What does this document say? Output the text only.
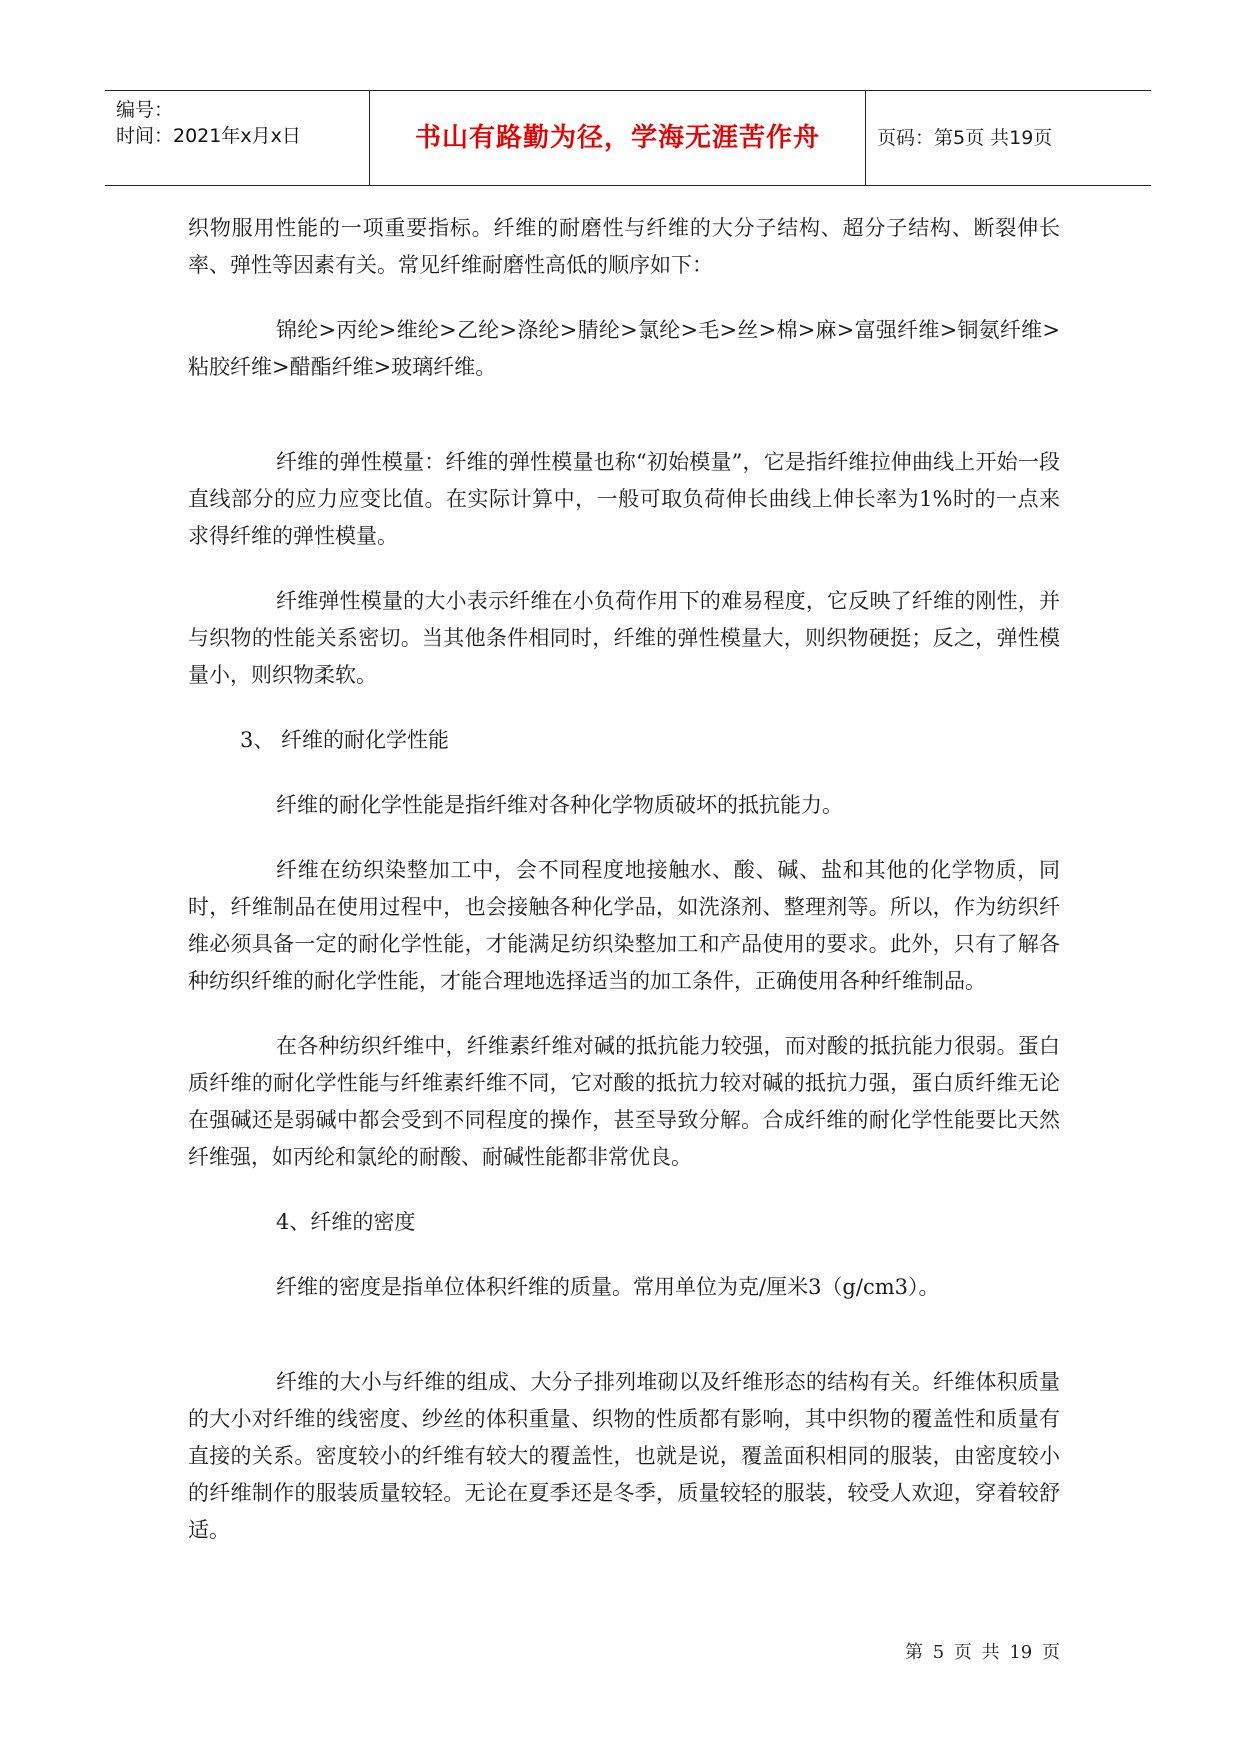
编号：
时间：2021年x月x日	书山有路勤为径，学海无涯苦作舟	页码：第5页 共19页

织物服用性能的一项重要指标。纤维的耐磨性与纤维的大分子结构、超分子结构、断裂伸长率、弹性等因素有关。常见纤维耐磨性高低的顺序如下：

锦纶>丙纶>维纶>乙纶>涤纶>腈纶>氯纶>毛>丝>棉>麻>富强纤维>铜氨纤维>粘胶纤维>醋酯纤维>玻璃纤维。

纤维的弹性模量：纤维的弹性模量也称“初始模量”，它是指纤维拉伸曲线上开始一段直线部分的应力应变比值。在实际计算中，一般可取负荷伸长曲线上伸长率为1%时的一点来求得纤维的弹性模量。

纤维弹性模量的大小表示纤维在小负荷作用下的难易程度，它反映了纤维的刚性，并与织物的性能关系密切。当其他条件相同时，纤维的弹性模量大，则织物硬挺；反之，弹性模量小，则织物柔软。

3、 纤维的耐化学性能

纤维的耐化学性能是指纤维对各种化学物质破坏的抵抗能力。

纤维在纺织染整加工中，会不同程度地接触水、酸、碱、盐和其他的化学物质，同时，纤维制品在使用过程中，也会接触各种化学品，如洗涤剂、整理剂等。所以，作为纺织纤维必须具备一定的耐化学性能，才能满足纺织染整加工和产品使用的要求。此外，只有了解各种纺织纤维的耐化学性能，才能合理地选择适当的加工条件，正确使用各种纤维制品。

在各种纺织纤维中，纤维素纤维对碱的抵抗能力较强，而对酸的抵抗能力很弱。蛋白质纤维的耐化学性能与纤维素纤维不同，它对酸的抵抗力较对碱的抵抗力强，蛋白质纤维无论在强碱还是弱碱中都会受到不同程度的操作，甚至导致分解。合成纤维的耐化学性能要比天然纤维强，如丙纶和氯纶的耐酸、耐碱性能都非常优良。

4、纤维的密度

纤维的密度是指单位体积纤维的质量。常用单位为克/厘米3（g/cm3）。

纤维的大小与纤维的组成、大分子排列堆砌以及纤维形态的结构有关。纤维体积质量的大小对纤维的线密度、纱丝的体积重量、织物的性质都有影响，其中织物的覆盖性和质量有直接的关系。密度较小的纤维有较大的覆盖性，也就是说，覆盖面积相同的服装，由密度较小的纤维制作的服装质量较轻。无论在夏季还是冬季，质量较轻的服装，较受人欢迎，穿着较舒适。

第 5 页 共 19 页
